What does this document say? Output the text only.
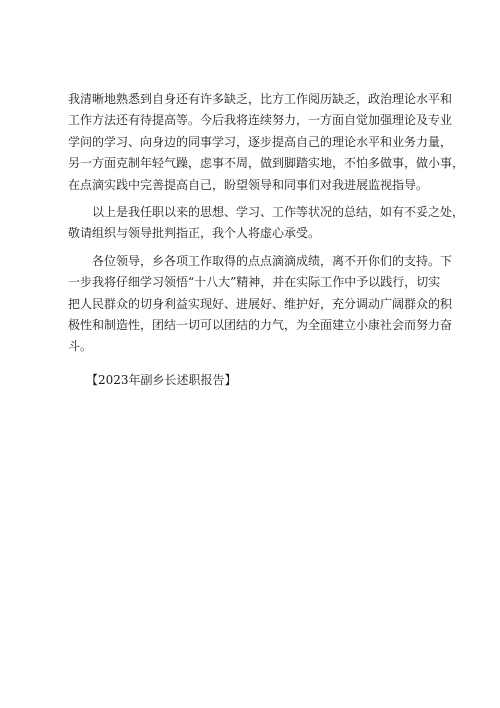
我清晰地熟悉到自身还有许多缺乏，比方工作阅历缺乏，政治理论水平和
工作方法还有待提高等。今后我将连续努力，一方面自觉加强理论及专业
学问的学习、向身边的同事学习，逐步提高自己的理论水平和业务力量，
另一方面克制年轻气躁，虑事不周，做到脚踏实地，不怕多做事，做小事，
在点滴实践中完善提高自己，盼望领导和同事们对我进展监视指导。
　　以上是我任职以来的思想、学习、工作等状况的总结，如有不妥之处，
敬请组织与领导批判指正，我个人将虚心承受。
　　各位领导，乡各项工作取得的点点滴滴成绩，离不开你们的支持。下
一步我将仔细学习领悟“十八大”精神，并在实际工作中予以践行，切实
把人民群众的切身利益实现好、进展好、维护好，充分调动广阔群众的积
极性和制造性，团结一切可以团结的力气，为全面建立小康社会而努力奋
斗。
　　【2023年副乡长述职报告】
